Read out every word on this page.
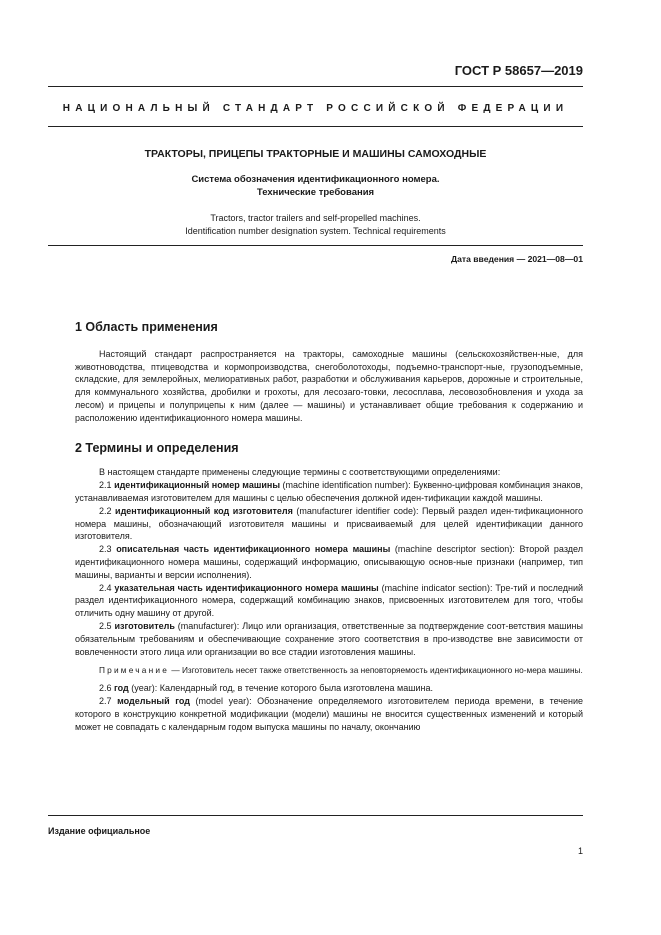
ГОСТ Р 58657—2019
НАЦИОНАЛЬНЫЙ СТАНДАРТ РОССИЙСКОЙ ФЕДЕРАЦИИ
ТРАКТОРЫ, ПРИЦЕПЫ ТРАКТОРНЫЕ И МАШИНЫ САМОХОДНЫЕ
Система обозначения идентификационного номера.
Технические требования
Tractors, tractor trailers and self-propelled machines.
Identification number designation system. Technical requirements
Дата введения — 2021—08—01
1 Область применения

Настоящий стандарт распространяется на тракторы, самоходные машины (сельскохозяйствен-ные, для животноводства, птицеводства и кормопроизводства, снегоболотоходы, подъемно-транспорт-ные, грузоподъемные, складские, для землеройных, мелиоративных работ, разработки и обслуживания карьеров, дорожные и строительные, для коммунального хозяйства, дробилки и грохоты, для лесозаго-товки, лесосплава, лесовозобновления и ухода за лесом) и прицепы и полуприцепы к ним (далее — машины) и устанавливает общие требования к содержанию и расположению идентификационного номера машины.

2 Термины и определения

В настоящем стандарте применены следующие термины с соответствующими определениями:

2.1 идентификационный номер машины (machine identification number): Буквенно-цифровая комбинация знаков, устанавливаемая изготовителем для машины с целью обеспечения должной иден-тификации каждой машины.

2.2 идентификационный код изготовителя (manufacturer identifier code): Первый раздел иден-тификационного номера машины, обозначающий изготовителя машины и присваиваемый для целей идентификации данного изготовителя.

2.3 описательная часть идентификационного номера машины (machine descriptor section): Второй раздел идентификационного номера машины, содержащий информацию, описывающую основ-ные признаки (например, тип машины, варианты и версии исполнения).

2.4 указательная часть идентификационного номера машины (machine indicator section): Тре-тий и последний раздел идентификационного номера, содержащий комбинацию знаков, присвоенных изготовителем для того, чтобы отличить одну машину от другой.

2.5 изготовитель (manufacturer): Лицо или организация, ответственные за подтверждение соот-ветствия машины обязательным требованиям и обеспечивающие сохранение этого соответствия в про-изводстве вне зависимости от вовлеченности этого лица или организации во все стадии изготовления машины.

Примечание — Изготовитель несет также ответственность за неповторяемость идентификационного но-мера машины.

2.6 год (year): Календарный год, в течение которого была изготовлена машина.

2.7 модельный год (model year): Обозначение определяемого изготовителем периода времени, в течение которого в конструкцию конкретной модификации (модели) машины не вносится существенных изменений и который может не совпадать с календарным годом выпуска машины по началу, окончанию

Издание официальное
1
